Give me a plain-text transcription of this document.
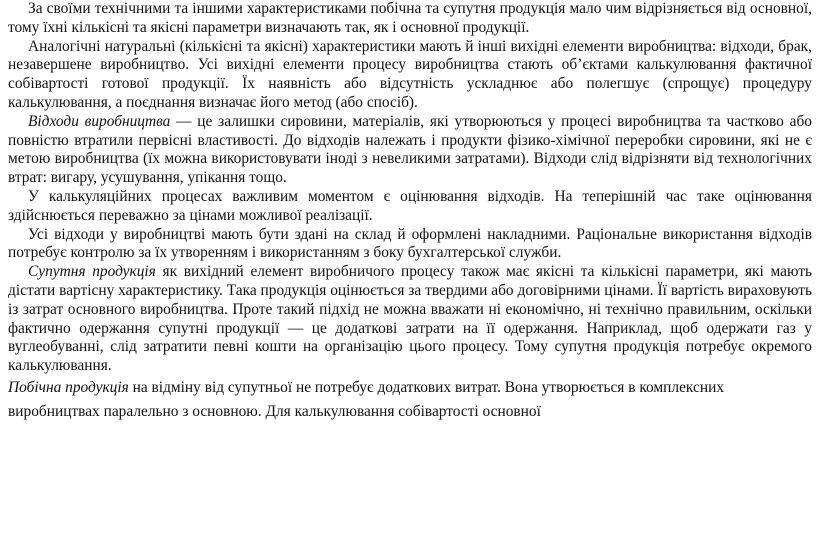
За своїми технічними та іншими характеристиками побічна та супутня продукція мало чим відрізняється від основної, тому їхні кількісні та якісні параметри визначають так, як і основної продукції.

Аналогічні натуральні (кількісні та якісні) характеристики мають й інші вихідні елементи виробництва: відходи, брак, незавершене виробництво. Усі вихідні елементи процесу виробництва стають об’єктами калькулювання фактичної собівартості готової продукції. Їх наявність або відсутність ускладнює або полегшує (спрощує) процедуру калькулювання, а поєднання визначає його метод (або спосіб).

Відходи виробництва — це залишки сировини, матеріалів, які утворюються у процесі виробництва та частково або повністю втратили первісні властивості. До відходів належать і продукти фізико-хімічної переробки сировини, які не є метою виробництва (їх можна використовувати іноді з невеликими затратами). Відходи слід відрізняти від технологічних втрат: вигару, усушування, упікання тощо.

У калькуляційних процесах важливим моментом є оцінювання відходів. На теперішній час таке оцінювання здійснюється переважно за цінами можливої реалізації.

Усі відходи у виробництві мають бути здані на склад й оформлені накладними. Раціональне використання відходів потребує контролю за їх утворенням і використанням з боку бухгалтерської служби.

Супутня продукція як вихідний елемент виробничого процесу також має якісні та кількісні параметри, які мають дістати вартісну характеристику. Така продукція оцінюється за твердими або договірними цінами. Її вартість вираховують із затрат основного виробництва. Проте такий підхід не можна вважати ні економічно, ні технічно правильним, оскільки фактично одержання супутні продукції — це додаткові затрати на її одержання. Наприклад, щоб одержати газ у вуглеобуванні, слід затратити певні кошти на організацію цього процесу. Тому супутня продукція потребує окремого калькулювання.

Побічна продукція на відміну від супутньої не потребує додаткових витрат. Вона утворюється в комплексних виробництвах паралельно з основною. Для калькулювання собівартості основної
